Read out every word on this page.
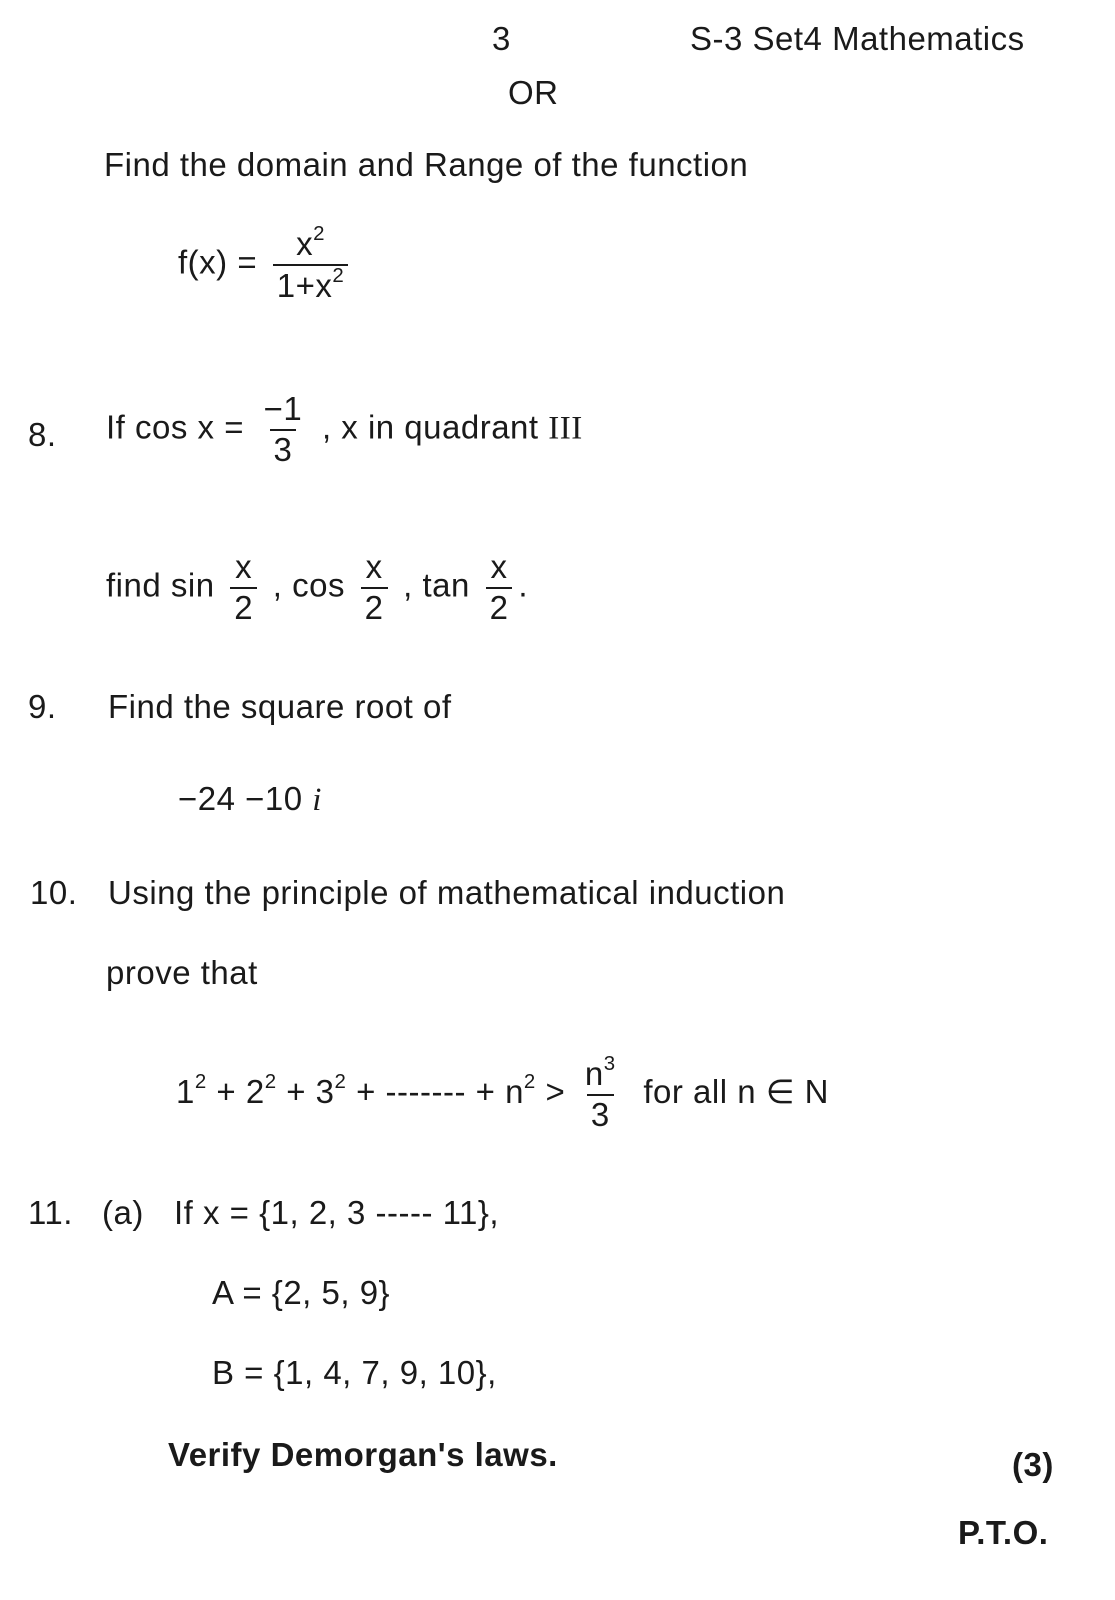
3	S-3 Set4 Mathematics
OR
Find the domain and Range of the function
$f(x) = \frac{x^2}{1+x^2}$
8. If $\cos x = \frac{-1}{3}$ , x in quadrant III
find $\sin \frac{x}{2}$ , $\cos \frac{x}{2}$ , $\tan \frac{x}{2}$ .
9. Find the square root of
−24 −10 i
10. Using the principle of mathematical induction
prove that
$1^2 + 2^2 + 3^2$ + ------- + $n^2 > \frac{n^3}{3}$ for all n ∈ N
11. (a) If x = {1, 2, 3 ----- 11},
A = {2, 5, 9}
B = {1, 4, 7, 9, 10},
Verify Demorgan's laws.	(3)
P.T.O.
